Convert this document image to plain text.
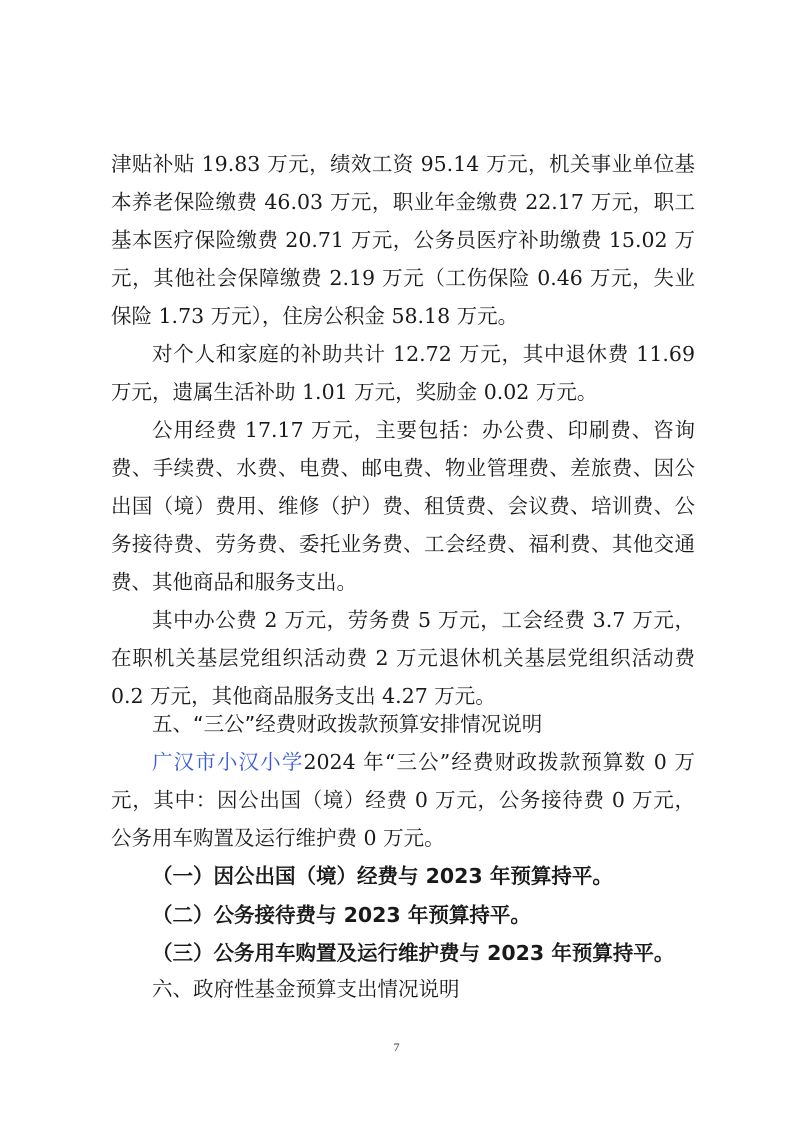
津贴补贴 19.83 万元，绩效工资 95.14 万元，机关事业单位基本养老保险缴费 46.03 万元，职业年金缴费 22.17 万元，职工基本医疗保险缴费 20.71 万元，公务员医疗补助缴费 15.02 万元，其他社会保障缴费 2.19 万元（工伤保险 0.46 万元，失业保险 1.73 万元），住房公积金 58.18 万元。

对个人和家庭的补助共计 12.72 万元，其中退休费 11.69 万元，遗属生活补助 1.01 万元，奖励金 0.02 万元。

公用经费 17.17 万元，主要包括：办公费、印刷费、咨询费、手续费、水费、电费、邮电费、物业管理费、差旅费、因公出国（境）费用、维修（护）费、租赁费、会议费、培训费、公务接待费、劳务费、委托业务费、工会经费、福利费、其他交通费、其他商品和服务支出。

其中办公费 2 万元，劳务费 5 万元，工会经费 3.7 万元，在职机关基层党组织活动费 2 万元退休机关基层党组织活动费 0.2 万元，其他商品服务支出 4.27 万元。

五、“三公”经费财政拨款预算安排情况说明

广汉市小汉小学2024 年“三公”经费财政拨款预算数 0 万元，其中：因公出国（境）经费 0 万元，公务接待费 0 万元，公务用车购置及运行维护费 0 万元。

（一）因公出国（境）经费与 2023 年预算持平。

（二）公务接待费与 2023 年预算持平。

（三）公务用车购置及运行维护费与 2023 年预算持平。

六、政府性基金预算支出情况说明

7
